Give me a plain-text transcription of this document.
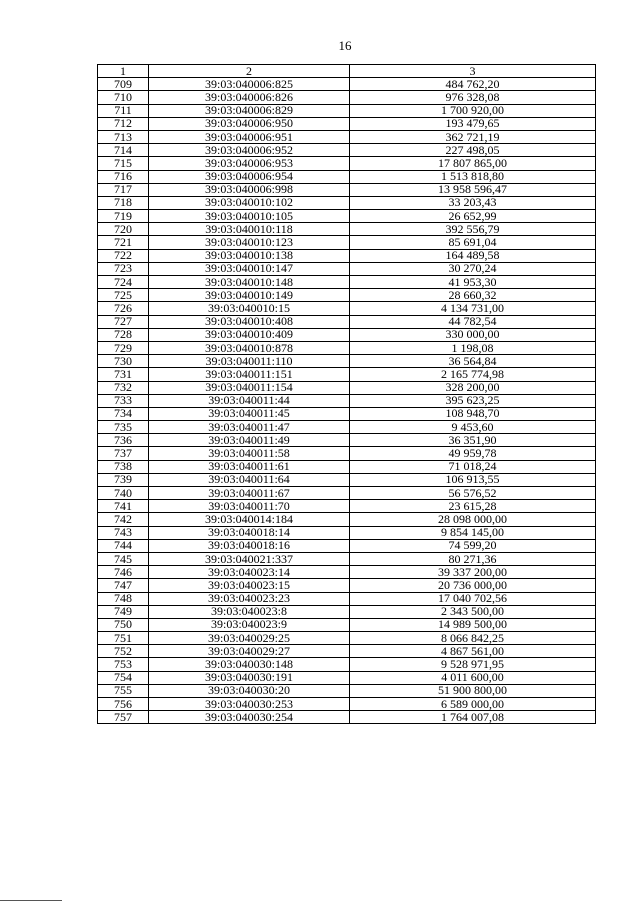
16
1	2	3
709	39:03:040006:825	484 762,20
710	39:03:040006:826	976 328,08
711	39:03:040006:829	1 700 920,00
712	39:03:040006:950	193 479,65
713	39:03:040006:951	362 721,19
714	39:03:040006:952	227 498,05
715	39:03:040006:953	17 807 865,00
716	39:03:040006:954	1 513 818,80
717	39:03:040006:998	13 958 596,47
718	39:03:040010:102	33 203,43
719	39:03:040010:105	26 652,99
720	39:03:040010:118	392 556,79
721	39:03:040010:123	85 691,04
722	39:03:040010:138	164 489,58
723	39:03:040010:147	30 270,24
724	39:03:040010:148	41 953,30
725	39:03:040010:149	28 660,32
726	39:03:040010:15	4 134 731,00
727	39:03:040010:408	44 782,54
728	39:03:040010:409	330 000,00
729	39:03:040010:878	1 198,08
730	39:03:040011:110	36 564,84
731	39:03:040011:151	2 165 774,98
732	39:03:040011:154	328 200,00
733	39:03:040011:44	395 623,25
734	39:03:040011:45	108 948,70
735	39:03:040011:47	9 453,60
736	39:03:040011:49	36 351,90
737	39:03:040011:58	49 959,78
738	39:03:040011:61	71 018,24
739	39:03:040011:64	106 913,55
740	39:03:040011:67	56 576,52
741	39:03:040011:70	23 615,28
742	39:03:040014:184	28 098 000,00
743	39:03:040018:14	9 854 145,00
744	39:03:040018:16	74 599,20
745	39:03:040021:337	80 271,36
746	39:03:040023:14	39 337 200,00
747	39:03:040023:15	20 736 000,00
748	39:03:040023:23	17 040 702,56
749	39:03:040023:8	2 343 500,00
750	39:03:040023:9	14 989 500,00
751	39:03:040029:25	8 066 842,25
752	39:03:040029:27	4 867 561,00
753	39:03:040030:148	9 528 971,95
754	39:03:040030:191	4 011 600,00
755	39:03:040030:20	51 900 800,00
756	39:03:040030:253	6 589 000,00
757	39:03:040030:254	1 764 007,08
